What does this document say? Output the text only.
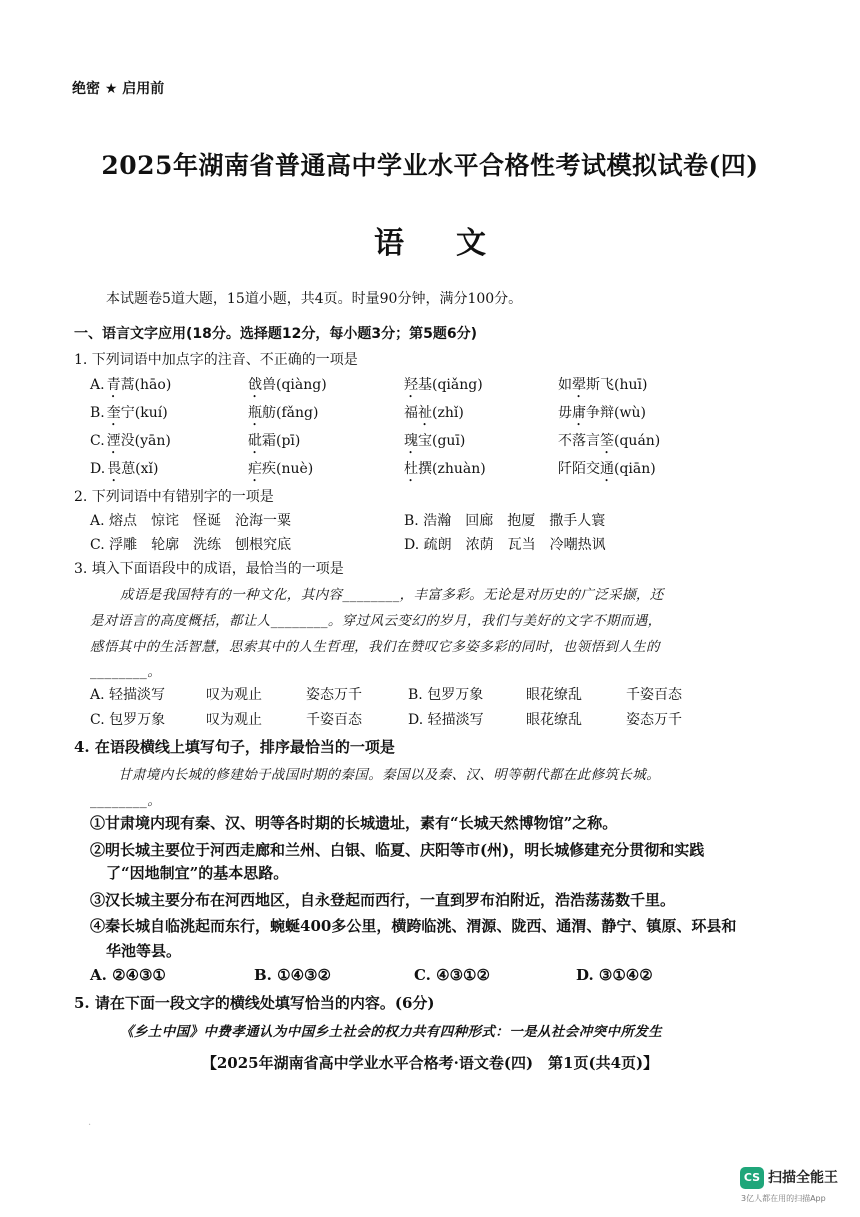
绝密 ★ 启用前
2025年湖南省普通高中学业水平合格性考试模拟试卷(四)
语文
本试题卷5道大题，15道小题，共4页。时量90分钟，满分100分。
一、语言文字应用(18分。选择题12分，每小题3分；第5题6分)
1. 下列词语中加点字的注音、不正确的一项是
A. 青蒿(hāo)	戗兽(qiàng)	羟基(qiǎng)	如翚斯飞(huī)
B. 奎宁(kuí)	瓶舫(fǎng)	福祉(zhǐ)	毋庸争辩(wù)
C. 湮没(yān)	砒霜(pī)	瑰宝(guī)	不落言筌(quán)
D. 畏葸(xǐ)	疟疾(nuè)	杜撰(zhuàn)	阡陌交通(qiān)
2. 下列词语中有错别字的一项是
A. 熔点　惊诧　怪诞　沧海一粟	B. 浩瀚　回廊　抱厦　撒手人寰
C. 浮雕　轮廓　洗练　刨根究底	D. 疏朗　浓荫　瓦当　冷嘲热讽
3. 填入下面语段中的成语，最恰当的一项是
成语是我国特有的一种文化，其内容________，丰富多彩。无论是对历史的广泛采撷，还
是对语言的高度概括，都让人________。穿过风云变幻的岁月，我们与美好的文字不期而遇，
感悟其中的生活智慧，思索其中的人生哲理，我们在赞叹它多姿多彩的同时，也领悟到人生的
________。
A. 轻描淡写	叹为观止	姿态万千	B. 包罗万象	眼花缭乱	千姿百态
C. 包罗万象	叹为观止	千姿百态	D. 轻描淡写	眼花缭乱	姿态万千
4. 在语段横线上填写句子，排序最恰当的一项是
甘肃境内长城的修建始于战国时期的秦国。秦国以及秦、汉、明等朝代都在此修筑长城。
________。
①甘肃境内现有秦、汉、明等各时期的长城遗址，素有“长城天然博物馆”之称。
②明长城主要位于河西走廊和兰州、白银、临夏、庆阳等市(州)，明长城修建充分贯彻和实践
了“因地制宜”的基本思路。
③汉长城主要分布在河西地区，自永登起而西行，一直到罗布泊附近，浩浩荡荡数千里。
④秦长城自临洮起而东行，蜿蜒400多公里，横跨临洮、渭源、陇西、通渭、静宁、镇原、环县和
华池等县。
A. ②④③①	B. ①④③②	C. ④③①②	D. ③①④②
5. 请在下面一段文字的横线处填写恰当的内容。(6分)
《乡土中国》中费孝通认为中国乡土社会的权力共有四种形式：一是从社会冲突中所发生
【2025年湖南省高中学业水平合格考·语文卷(四)　第1页(共4页)】
·
CS 扫描全能王
3亿人都在用的扫描App
